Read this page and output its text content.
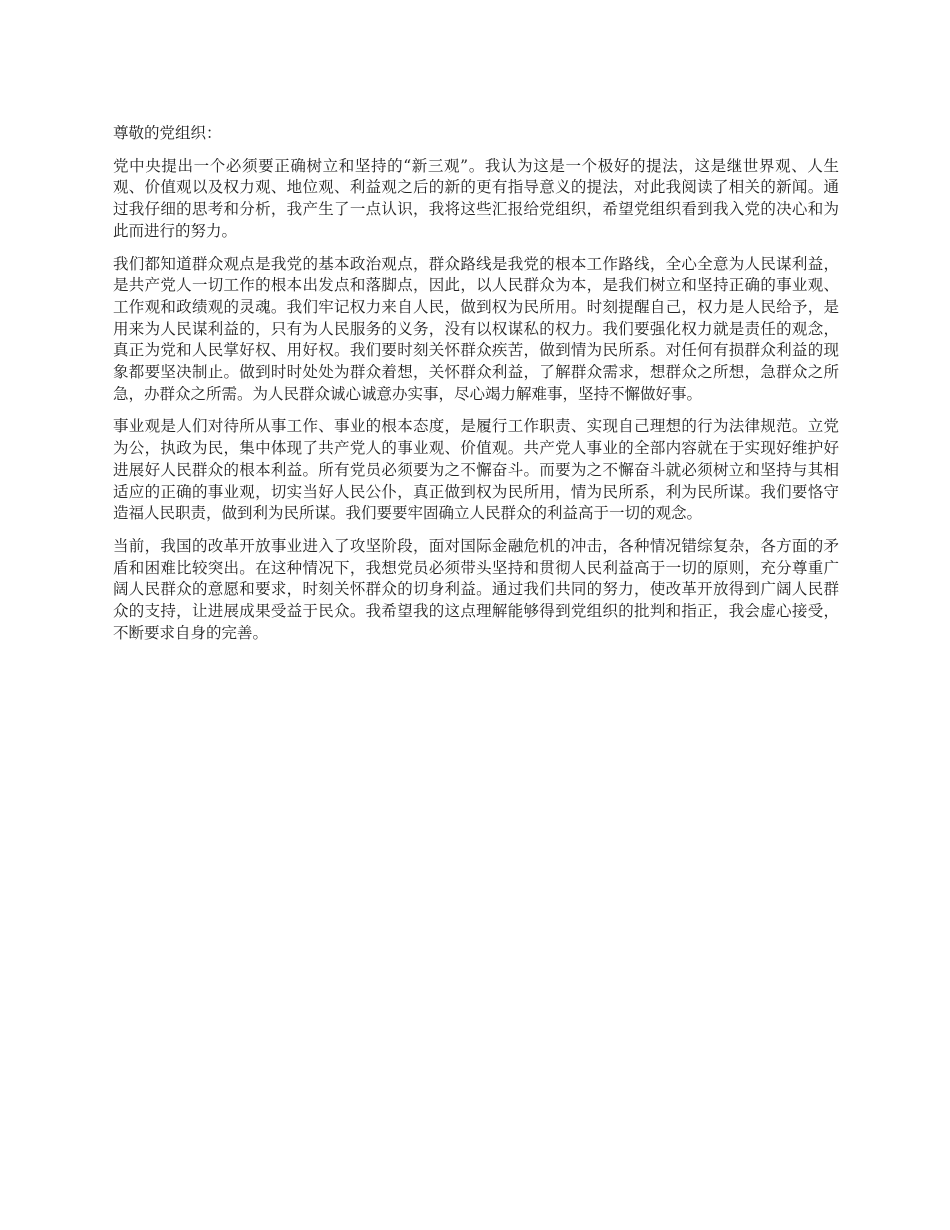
尊敬的党组织：

党中央提出一个必须要正确树立和坚持的“新三观”。我认为这是一个极好的提法，这是继世界观、人生观、价值观以及权力观、地位观、利益观之后的新的更有指导意义的提法，对此我阅读了相关的新闻。通过我仔细的思考和分析，我产生了一点认识，我将这些汇报给党组织，希望党组织看到我入党的决心和为此而进行的努力。

我们都知道群众观点是我党的基本政治观点，群众路线是我党的根本工作路线，全心全意为人民谋利益，是共产党人一切工作的根本出发点和落脚点，因此，以人民群众为本，是我们树立和坚持正确的事业观、工作观和政绩观的灵魂。我们牢记权力来自人民，做到权为民所用。时刻提醒自己，权力是人民给予，是用来为人民谋利益的，只有为人民服务的义务，没有以权谋私的权力。我们要强化权力就是责任的观念，真正为党和人民掌好权、用好权。我们要时刻关怀群众疾苦，做到情为民所系。对任何有损群众利益的现象都要坚决制止。做到时时处处为群众着想，关怀群众利益，了解群众需求，想群众之所想，急群众之所急，办群众之所需。为人民群众诚心诚意办实事，尽心竭力解难事，坚持不懈做好事。

事业观是人们对待所从事工作、事业的根本态度，是履行工作职责、实现自己理想的行为法律规范。立党为公，执政为民，集中体现了共产党人的事业观、价值观。共产党人事业的全部内容就在于实现好维护好进展好人民群众的根本利益。所有党员必须要为之不懈奋斗。而要为之不懈奋斗就必须树立和坚持与其相适应的正确的事业观，切实当好人民公仆，真正做到权为民所用，情为民所系，利为民所谋。我们要恪守造福人民职责，做到利为民所谋。我们要要牢固确立人民群众的利益高于一切的观念。

当前，我国的改革开放事业进入了攻坚阶段，面对国际金融危机的冲击，各种情况错综复杂，各方面的矛盾和困难比较突出。在这种情况下，我想党员必须带头坚持和贯彻人民利益高于一切的原则，充分尊重广阔人民群众的意愿和要求，时刻关怀群众的切身利益。通过我们共同的努力，使改革开放得到广阔人民群众的支持，让进展成果受益于民众。我希望我的这点理解能够得到党组织的批判和指正，我会虚心接受，不断要求自身的完善。
